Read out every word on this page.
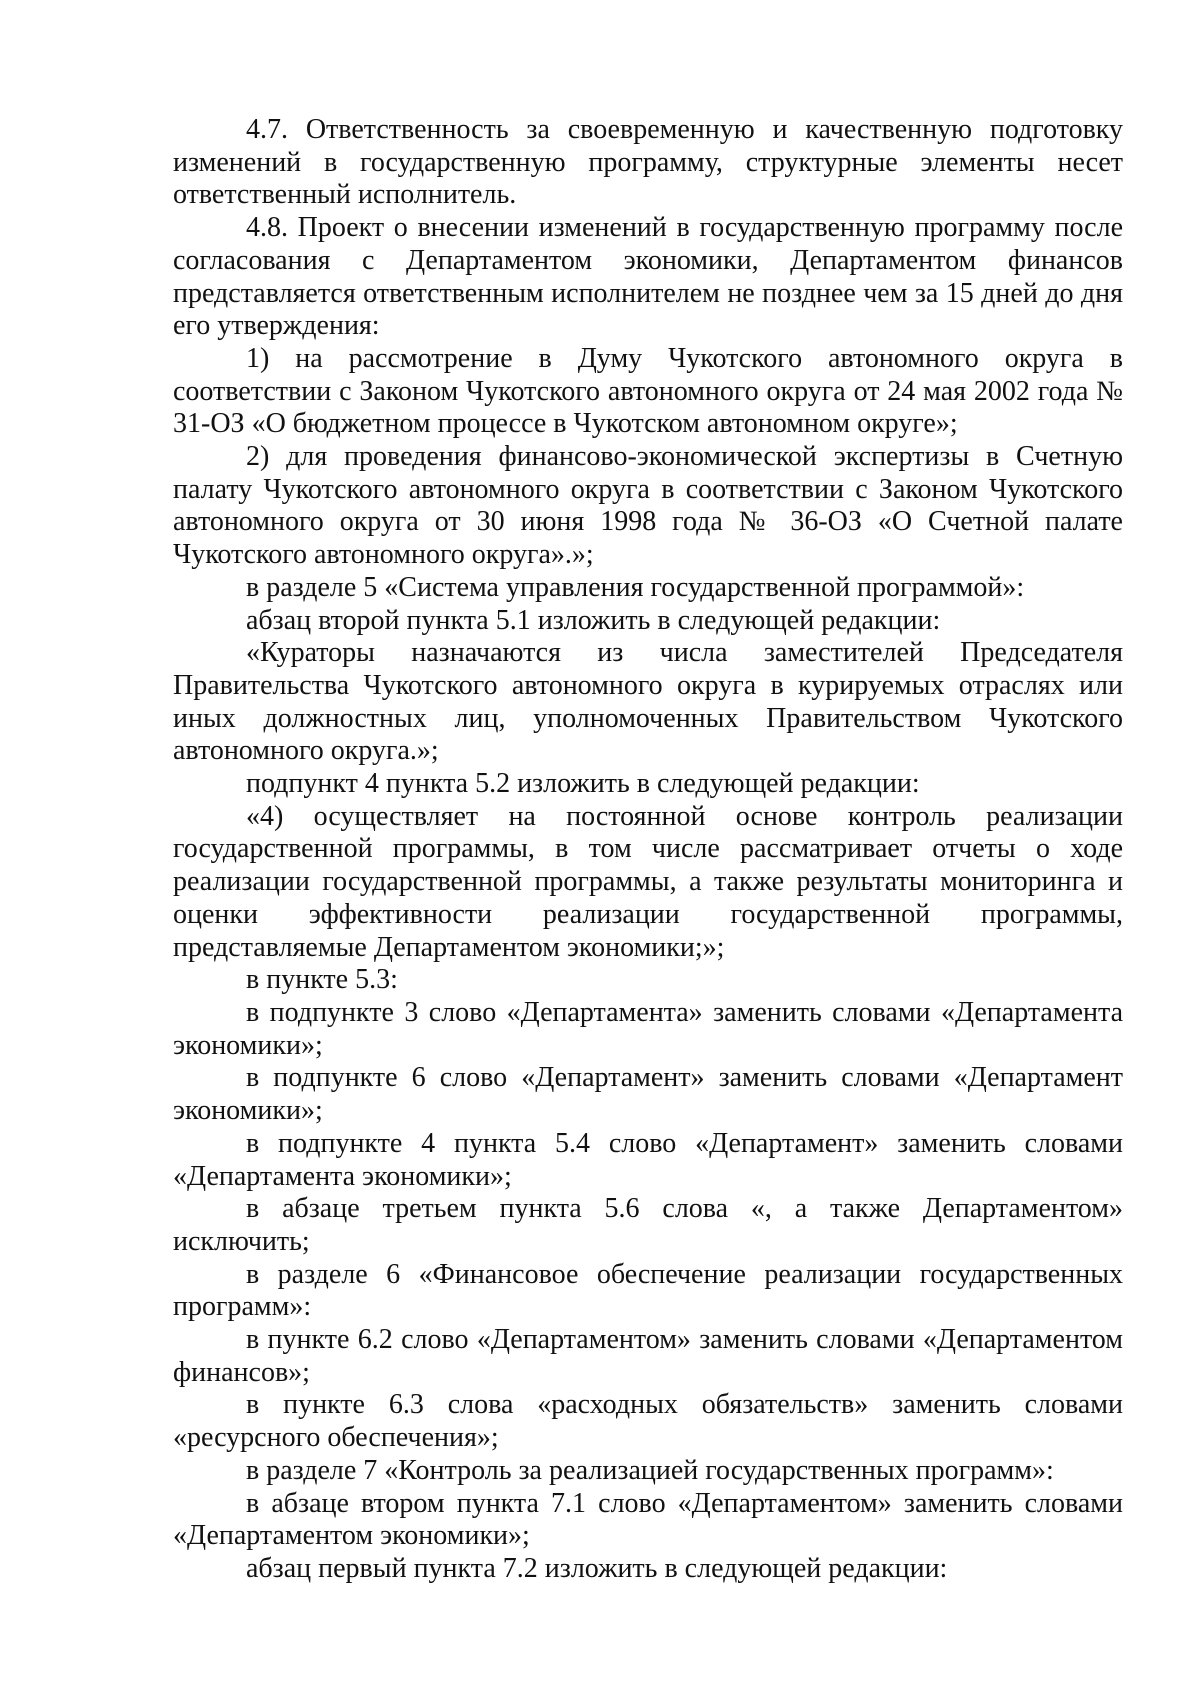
4.7. Ответственность за своевременную и качественную подготовку изменений в государственную программу, структурные элементы несет ответственный исполнитель.

4.8. Проект о внесении изменений в государственную программу после согласования с Департаментом экономики, Департаментом финансов представляется ответственным исполнителем не позднее чем за 15 дней до дня его утверждения:

1) на рассмотрение в Думу Чукотского автономного округа в соответствии с Законом Чукотского автономного округа от 24 мая 2002 года № 31-ОЗ «О бюджетном процессе в Чукотском автономном округе»;

2) для проведения финансово-экономической экспертизы в Счетную палату Чукотского автономного округа в соответствии с Законом Чукотского автономного округа от 30 июня 1998 года № 36-ОЗ «О Счетной палате Чукотского автономного округа».»;

в разделе 5 «Система управления государственной программой»:

абзац второй пункта 5.1 изложить в следующей редакции:

«Кураторы назначаются из числа заместителей Председателя Правительства Чукотского автономного округа в курируемых отраслях или иных должностных лиц, уполномоченных Правительством Чукотского автономного округа.»;

подпункт 4 пункта 5.2 изложить в следующей редакции:

«4) осуществляет на постоянной основе контроль реализации государственной программы, в том числе рассматривает отчеты о ходе реализации государственной программы, а также результаты мониторинга и оценки эффективности реализации государственной программы, представляемые Департаментом экономики;»;

в пункте 5.3:

в подпункте 3 слово «Департамента» заменить словами «Департамента экономики»;

в подпункте 6 слово «Департамент» заменить словами «Департамент экономики»;

в подпункте 4 пункта 5.4 слово «Департамент» заменить словами «Департамента экономики»;

в абзаце третьем пункта 5.6 слова «, а также Департаментом» исключить;

в разделе 6 «Финансовое обеспечение реализации государственных программ»:

в пункте 6.2 слово «Департаментом» заменить словами «Департаментом финансов»;

в пункте 6.3 слова «расходных обязательств» заменить словами «ресурсного обеспечения»;

в разделе 7 «Контроль за реализацией государственных программ»:

в абзаце втором пункта 7.1 слово «Департаментом» заменить словами «Департаментом экономики»;

абзац первый пункта 7.2 изложить в следующей редакции:
